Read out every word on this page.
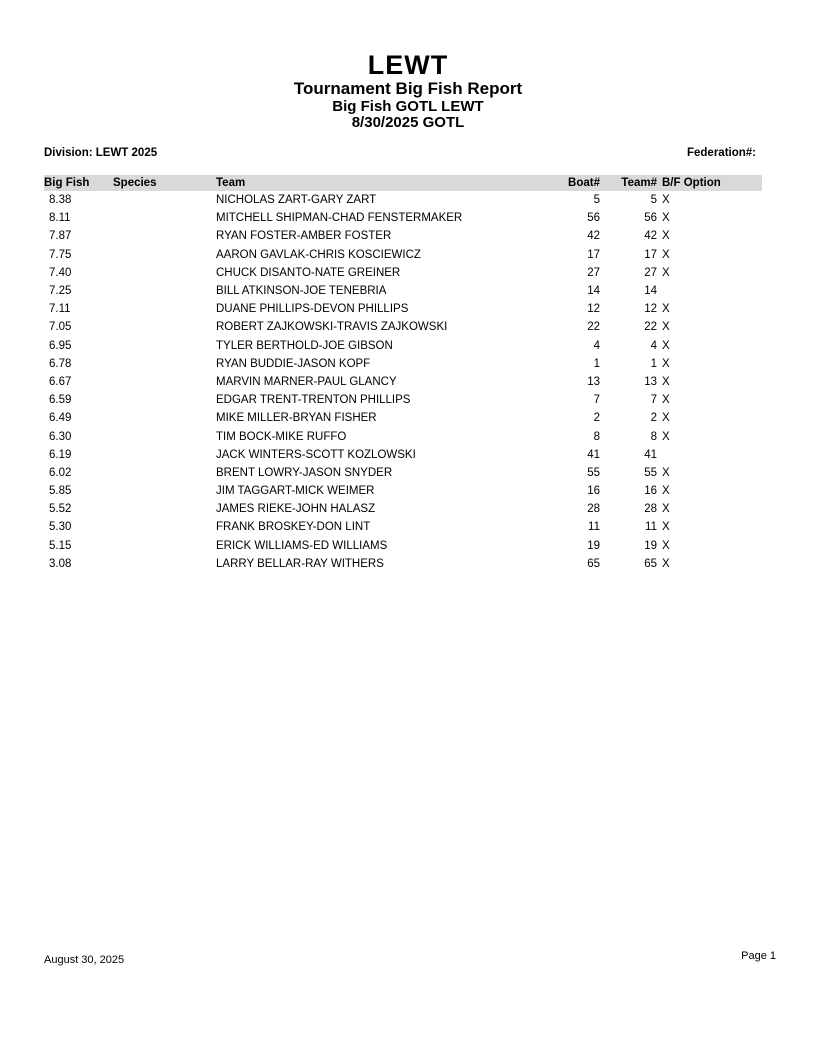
LEWT
Tournament Big Fish Report
Big Fish GOTL LEWT
8/30/2025 GOTL
Division: LEWT 2025	Federation#:
Big Fish	Species	Team	Boat#	Team# B/F Option
8.38	NICHOLAS ZART-GARY ZART	5	5 X
8.11	MITCHELL SHIPMAN-CHAD FENSTERMAKER	56	56 X
7.87	RYAN FOSTER-AMBER FOSTER	42	42 X
7.75	AARON GAVLAK-CHRIS KOSCIEWICZ	17	17 X
7.40	CHUCK DISANTO-NATE GREINER	27	27 X
7.25	BILL ATKINSON-JOE TENEBRIA	14	14
7.11	DUANE PHILLIPS-DEVON PHILLIPS	12	12 X
7.05	ROBERT ZAJKOWSKI-TRAVIS ZAJKOWSKI	22	22 X
6.95	TYLER BERTHOLD-JOE GIBSON	4	4 X
6.78	RYAN BUDDIE-JASON KOPF	1	1 X
6.67	MARVIN MARNER-PAUL GLANCY	13	13 X
6.59	EDGAR TRENT-TRENTON PHILLIPS	7	7 X
6.49	MIKE MILLER-BRYAN FISHER	2	2 X
6.30	TIM BOCK-MIKE RUFFO	8	8 X
6.19	JACK WINTERS-SCOTT KOZLOWSKI	41	41
6.02	BRENT LOWRY-JASON SNYDER	55	55 X
5.85	JIM TAGGART-MICK WEIMER	16	16 X
5.52	JAMES RIEKE-JOHN HALASZ	28	28 X
5.30	FRANK BROSKEY-DON LINT	11	11 X
5.15	ERICK WILLIAMS-ED WILLIAMS	19	19 X
3.08	LARRY BELLAR-RAY WITHERS	65	65 X
August 30, 2025	Page 1
